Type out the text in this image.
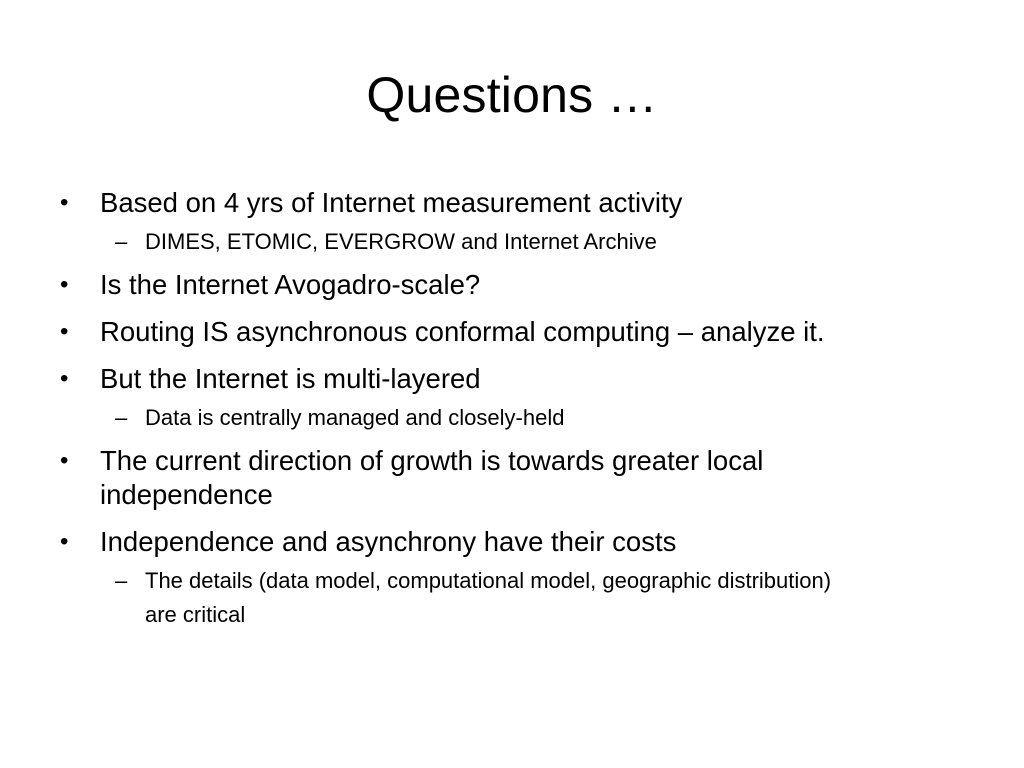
Questions …
• Based on 4 yrs of Internet measurement activity
– DIMES, ETOMIC, EVERGROW and Internet Archive
• Is the Internet Avogadro-scale?
• Routing IS asynchronous conformal computing – analyze it.
• But the Internet is multi-layered
– Data is centrally managed and closely-held
• The current direction of growth is towards greater local independence
• Independence and asynchrony have their costs
– The details (data model, computational model, geographic distribution) are critical
